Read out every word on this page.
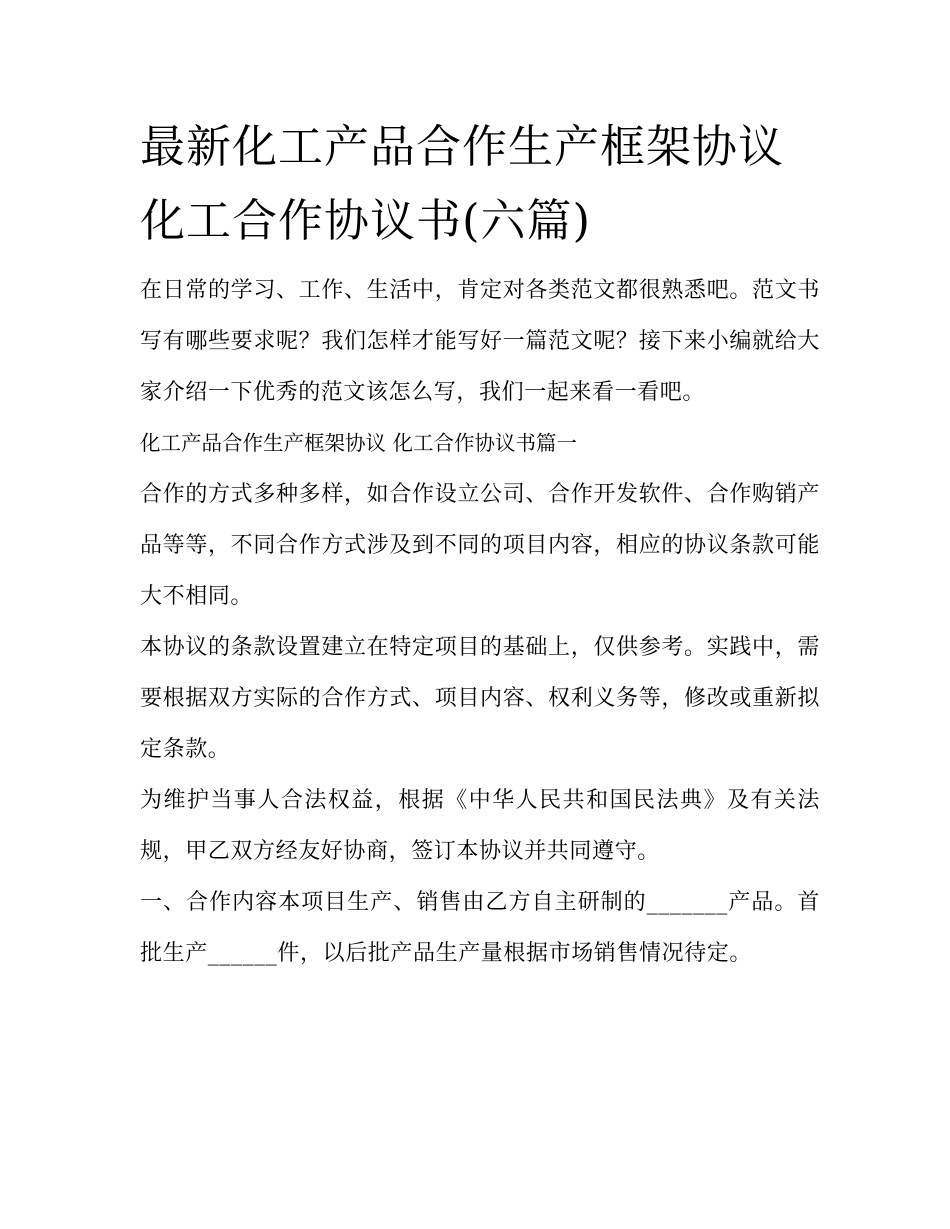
最新化工产品合作生产框架协议 化工合作协议书(六篇)

在日常的学习、工作、生活中，肯定对各类范文都很熟悉吧。范文书写有哪些要求呢？我们怎样才能写好一篇范文呢？接下来小编就给大家介绍一下优秀的范文该怎么写，我们一起来看一看吧。

化工产品合作生产框架协议 化工合作协议书篇一

合作的方式多种多样，如合作设立公司、合作开发软件、合作购销产品等等，不同合作方式涉及到不同的项目内容，相应的协议条款可能大不相同。

本协议的条款设置建立在特定项目的基础上，仅供参考。实践中，需要根据双方实际的合作方式、项目内容、权利义务等，修改或重新拟定条款。

为维护当事人合法权益，根据《中华人民共和国民法典》及有关法规，甲乙双方经友好协商，签订本协议并共同遵守。

一、合作内容本项目生产、销售由乙方自主研制的_______产品。首批生产______件，以后批产品生产量根据市场销售情况待定。
